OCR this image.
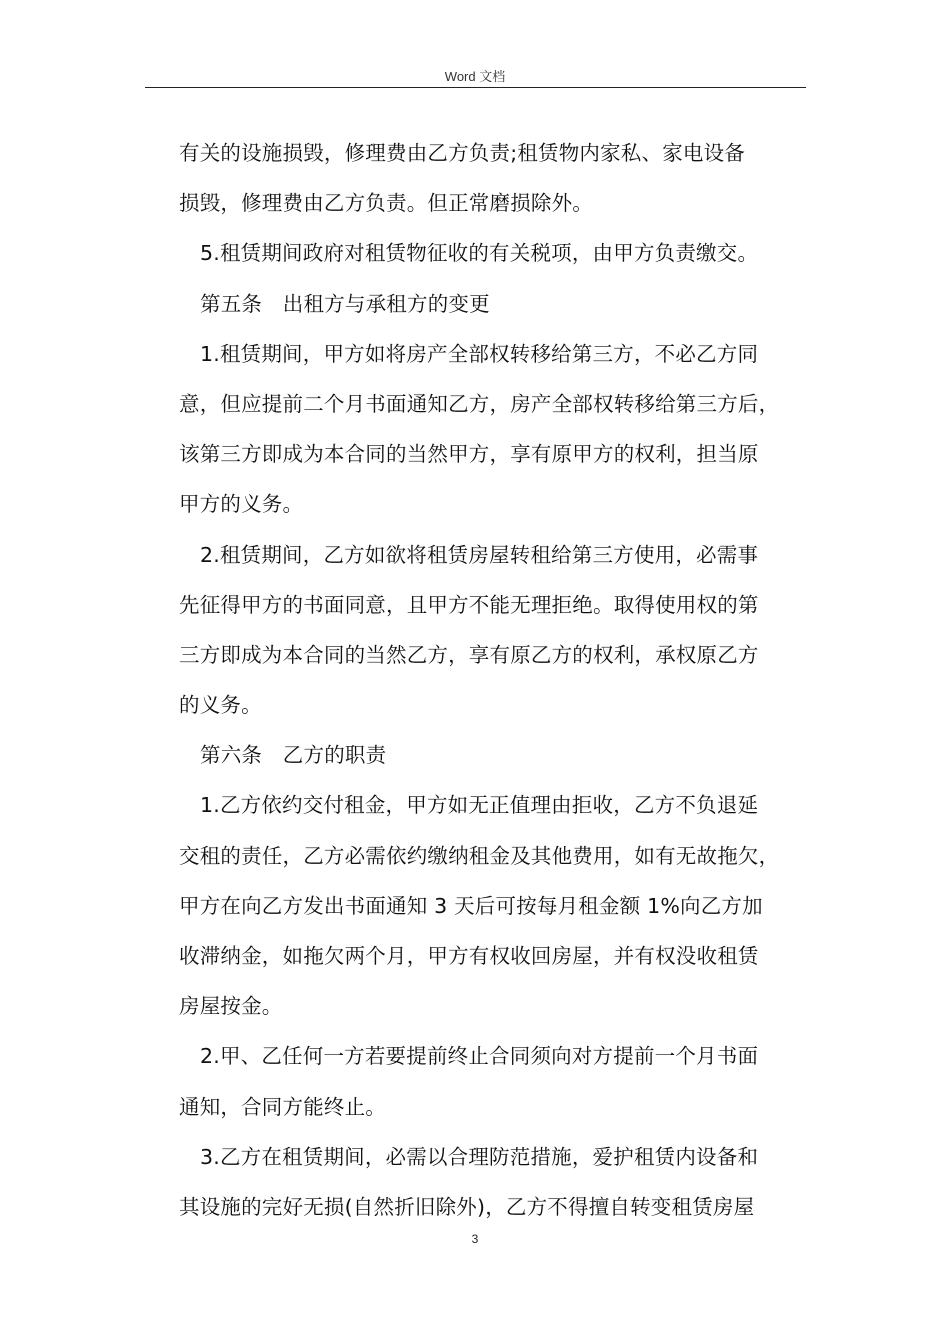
Word 文档
有关的设施损毁，修理费由乙方负责;租赁物内家私、家电设备
损毁，修理费由乙方负责。但正常磨损除外。
5.租赁期间政府对租赁物征收的有关税项，由甲方负责缴交。
第五条　出租方与承租方的变更
1.租赁期间，甲方如将房产全部权转移给第三方，不必乙方同
意，但应提前二个月书面通知乙方，房产全部权转移给第三方后，
该第三方即成为本合同的当然甲方，享有原甲方的权利，担当原
甲方的义务。
2.租赁期间，乙方如欲将租赁房屋转租给第三方使用，必需事
先征得甲方的书面同意，且甲方不能无理拒绝。取得使用权的第
三方即成为本合同的当然乙方，享有原乙方的权利，承权原乙方
的义务。
第六条　乙方的职责
1.乙方依约交付租金，甲方如无正值理由拒收，乙方不负退延
交租的责任，乙方必需依约缴纳租金及其他费用，如有无故拖欠，
甲方在向乙方发出书面通知 3 天后可按每月租金额 1%向乙方加
收滞纳金，如拖欠两个月，甲方有权收回房屋，并有权没收租赁
房屋按金。
2.甲、乙任何一方若要提前终止合同须向对方提前一个月书面
通知，合同方能终止。
3.乙方在租赁期间，必需以合理防范措施，爱护租赁内设备和
其设施的完好无损(自然折旧除外)，乙方不得擅自转变租赁房屋
3
